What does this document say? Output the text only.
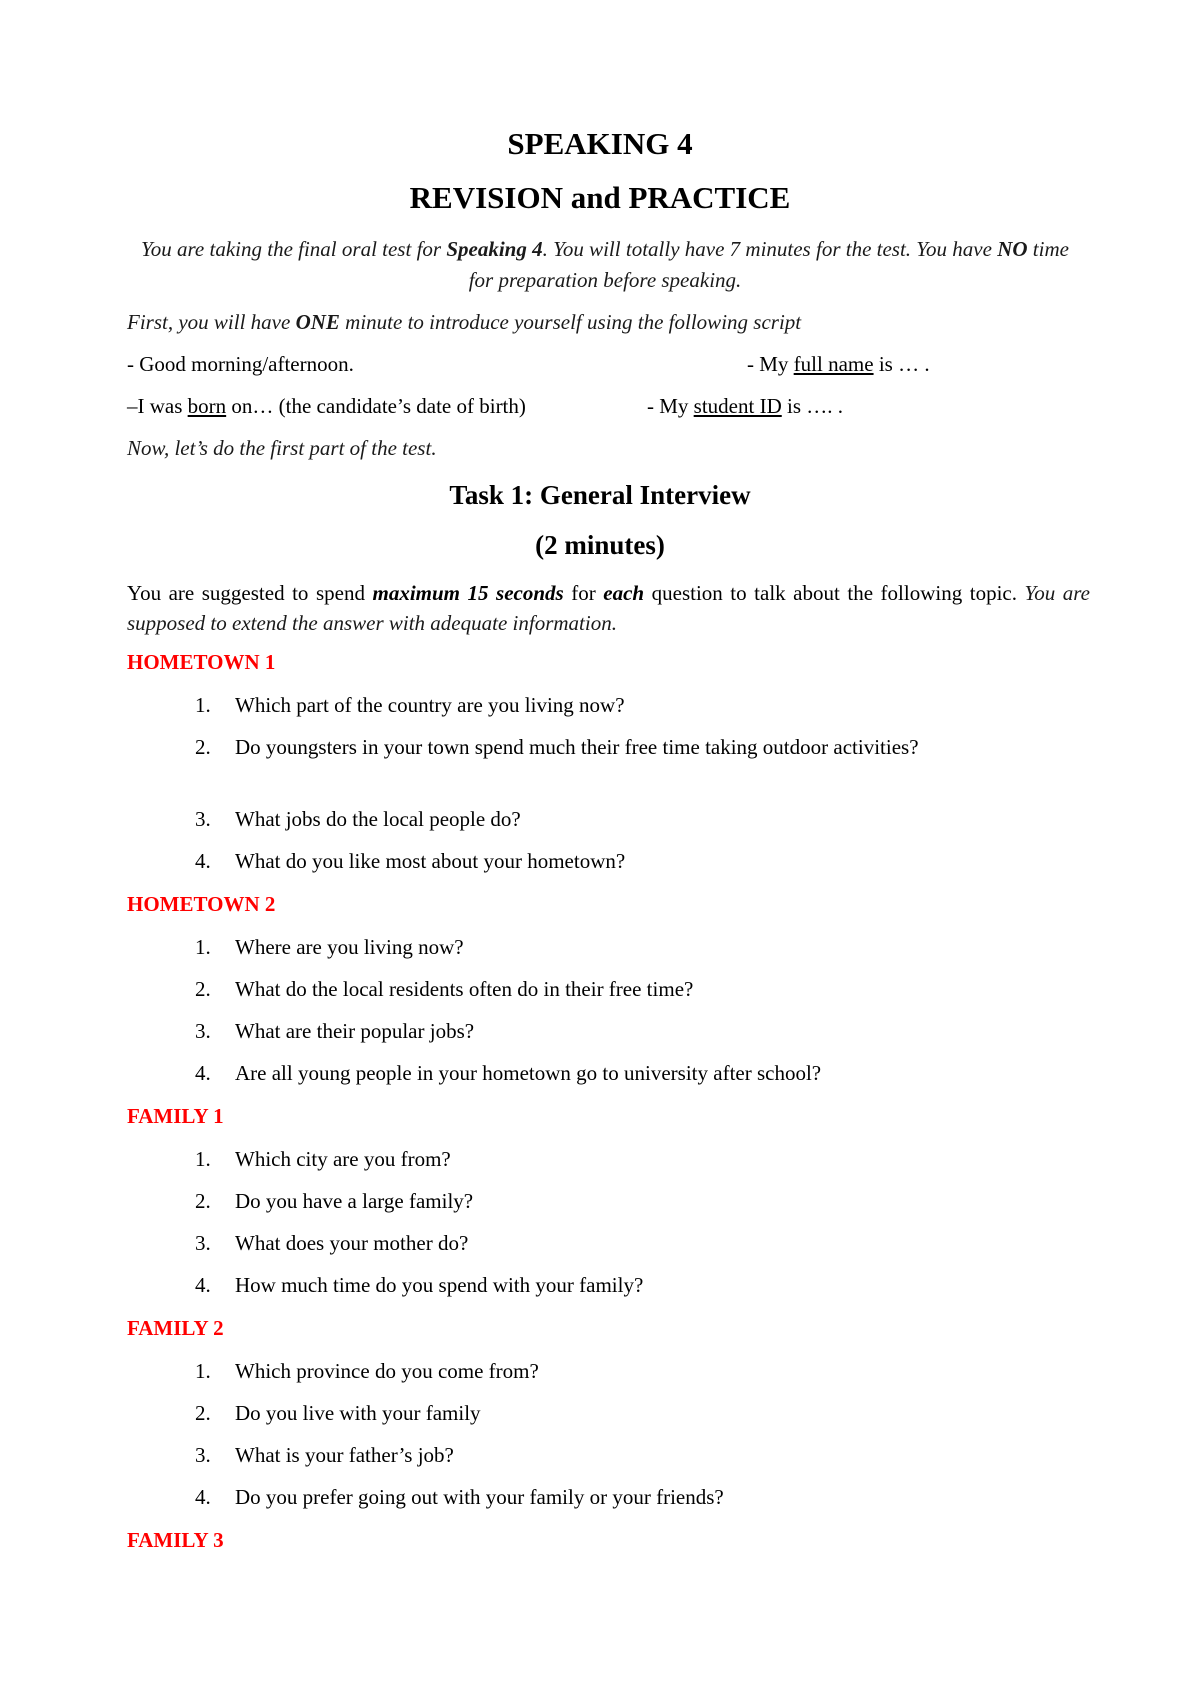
SPEAKING 4
REVISION and PRACTICE
You are taking the final oral test for Speaking 4. You will totally have 7 minutes for the test. You have NO time for preparation before speaking.
First, you will have ONE minute to introduce yourself using the following script
- Good morning/afternoon.	- My full name is … .
–I was born on… (the candidate’s date of birth)	- My student ID is …. .
Now, let’s do the first part of the test.
Task 1: General Interview
(2 minutes)
You are suggested to spend maximum 15 seconds for each question to talk about the following topic. You are supposed to extend the answer with adequate information.
HOMETOWN 1
1.	Which part of the country are you living now?
2.	Do youngsters in your town spend much their free time taking outdoor activities?
3.	What jobs do the local people do?
4.	What do you like most about your hometown?
HOMETOWN 2
1.	Where are you living now?
2.	What do the local residents often do in their free time?
3.	What are their popular jobs?
4.	Are all young people in your hometown go to university after school?
FAMILY 1
1.	Which city are you from?
2.	Do you have a large family?
3.	What does your mother do?
4.	How much time do you spend with your family?
FAMILY 2
1.	Which province do you come from?
2.	Do you live with your family
3.	What is your father’s job?
4.	Do you prefer going out with your family or your friends?
FAMILY 3
